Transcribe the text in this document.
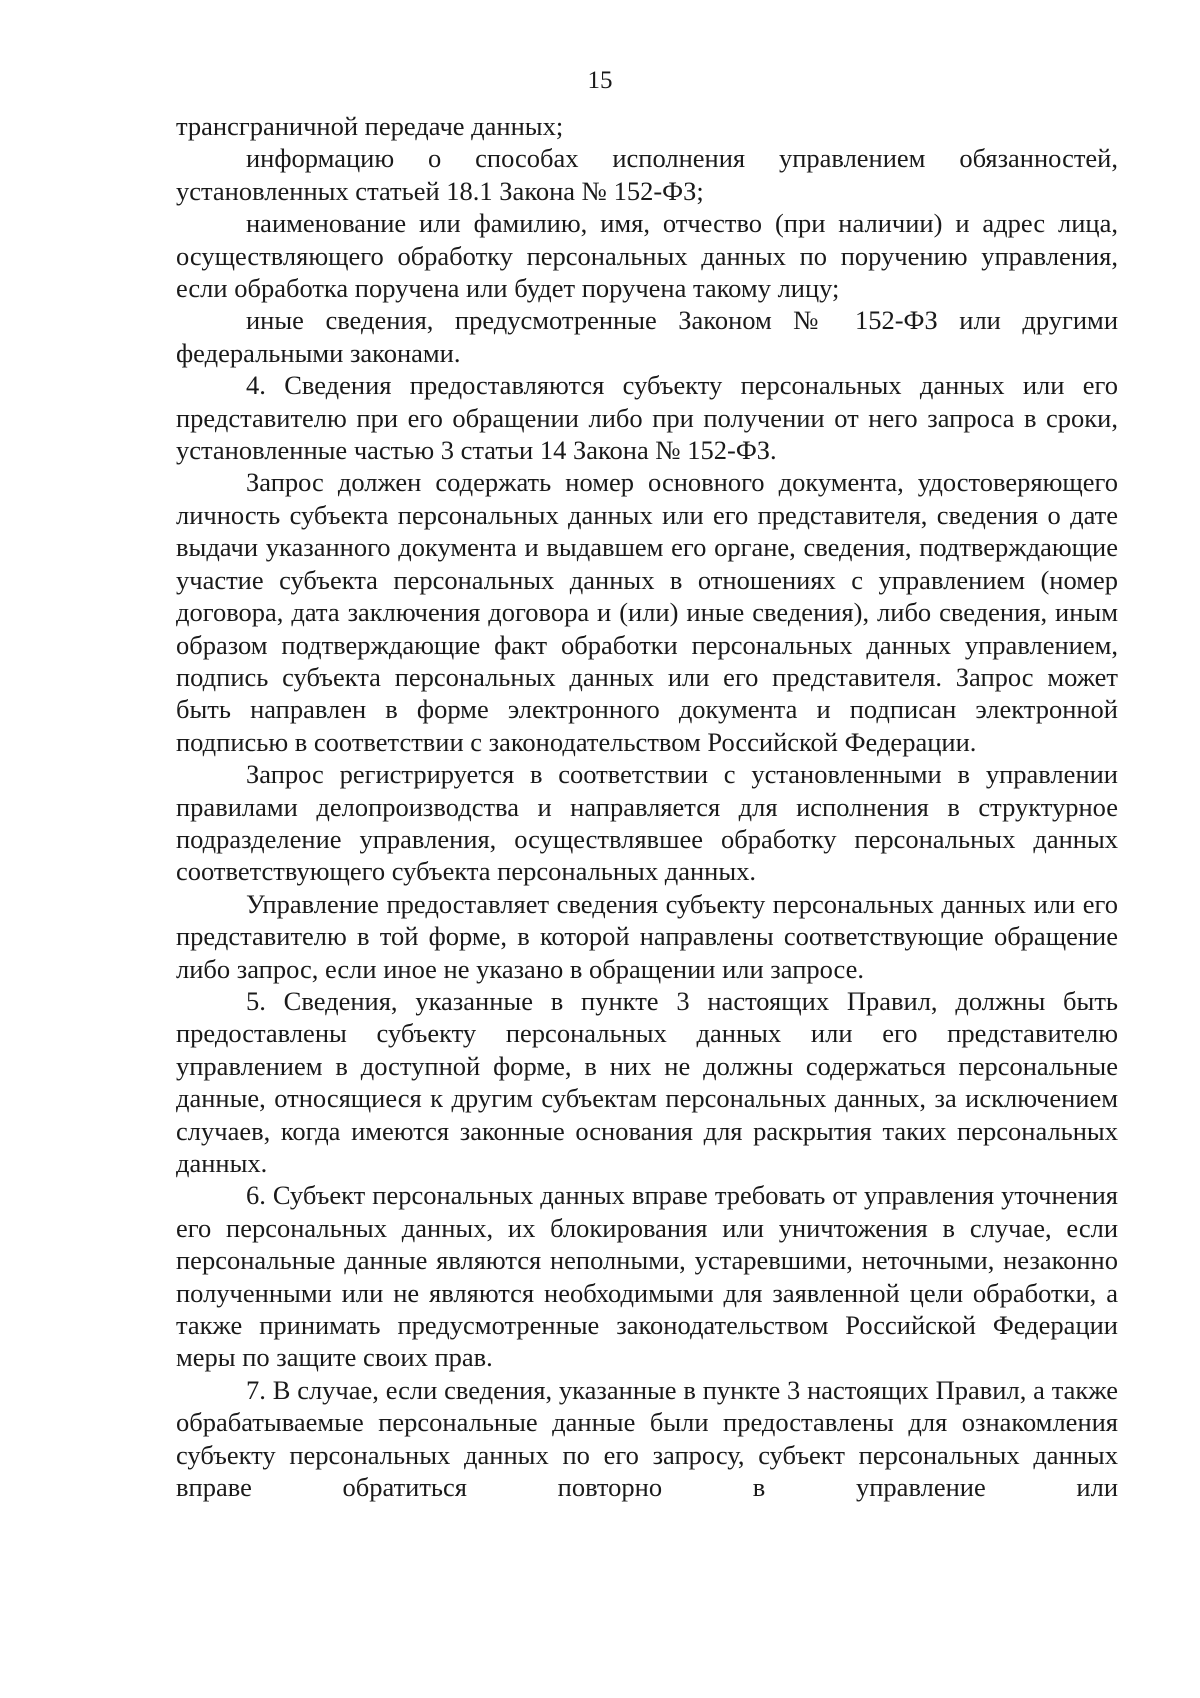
15

трансграничной передаче данных;

информацию о способах исполнения управлением обязанностей, установленных статьей 18.1 Закона № 152-ФЗ;

наименование или фамилию, имя, отчество (при наличии) и адрес лица, осуществляющего обработку персональных данных по поручению управления, если обработка поручена или будет поручена такому лицу;

иные сведения, предусмотренные Законом № 152-ФЗ или другими федеральными законами.

4. Сведения предоставляются субъекту персональных данных или его представителю при его обращении либо при получении от него запроса в сроки, установленные частью 3 статьи 14 Закона № 152-ФЗ.

Запрос должен содержать номер основного документа, удостоверяющего личность субъекта персональных данных или его представителя, сведения о дате выдачи указанного документа и выдавшем его органе, сведения, подтверждающие участие субъекта персональных данных в отношениях с управлением (номер договора, дата заключения договора и (или) иные сведения), либо сведения, иным образом подтверждающие факт обработки персональных данных управлением, подпись субъекта персональных данных или его представителя. Запрос может быть направлен в форме электронного документа и подписан электронной подписью в соответствии с законодательством Российской Федерации.

Запрос регистрируется в соответствии с установленными в управлении правилами делопроизводства и направляется для исполнения в структурное подразделение управления, осуществлявшее обработку персональных данных соответствующего субъекта персональных данных.

Управление предоставляет сведения субъекту персональных данных или его представителю в той форме, в которой направлены соответствующие обращение либо запрос, если иное не указано в обращении или запросе.

5. Сведения, указанные в пункте 3 настоящих Правил, должны быть предоставлены субъекту персональных данных или его представителю управлением в доступной форме, в них не должны содержаться персональные данные, относящиеся к другим субъектам персональных данных, за исключением случаев, когда имеются законные основания для раскрытия таких персональных данных.

6. Субъект персональных данных вправе требовать от управления уточнения его персональных данных, их блокирования или уничтожения в случае, если персональные данные являются неполными, устаревшими, неточными, незаконно полученными или не являются необходимыми для заявленной цели обработки, а также принимать предусмотренные законодательством Российской Федерации меры по защите своих прав.

7. В случае, если сведения, указанные в пункте 3 настоящих Правил, а также обрабатываемые персональные данные были предоставлены для ознакомления субъекту персональных данных по его запросу, субъект персональных данных вправе обратиться повторно в управление или
